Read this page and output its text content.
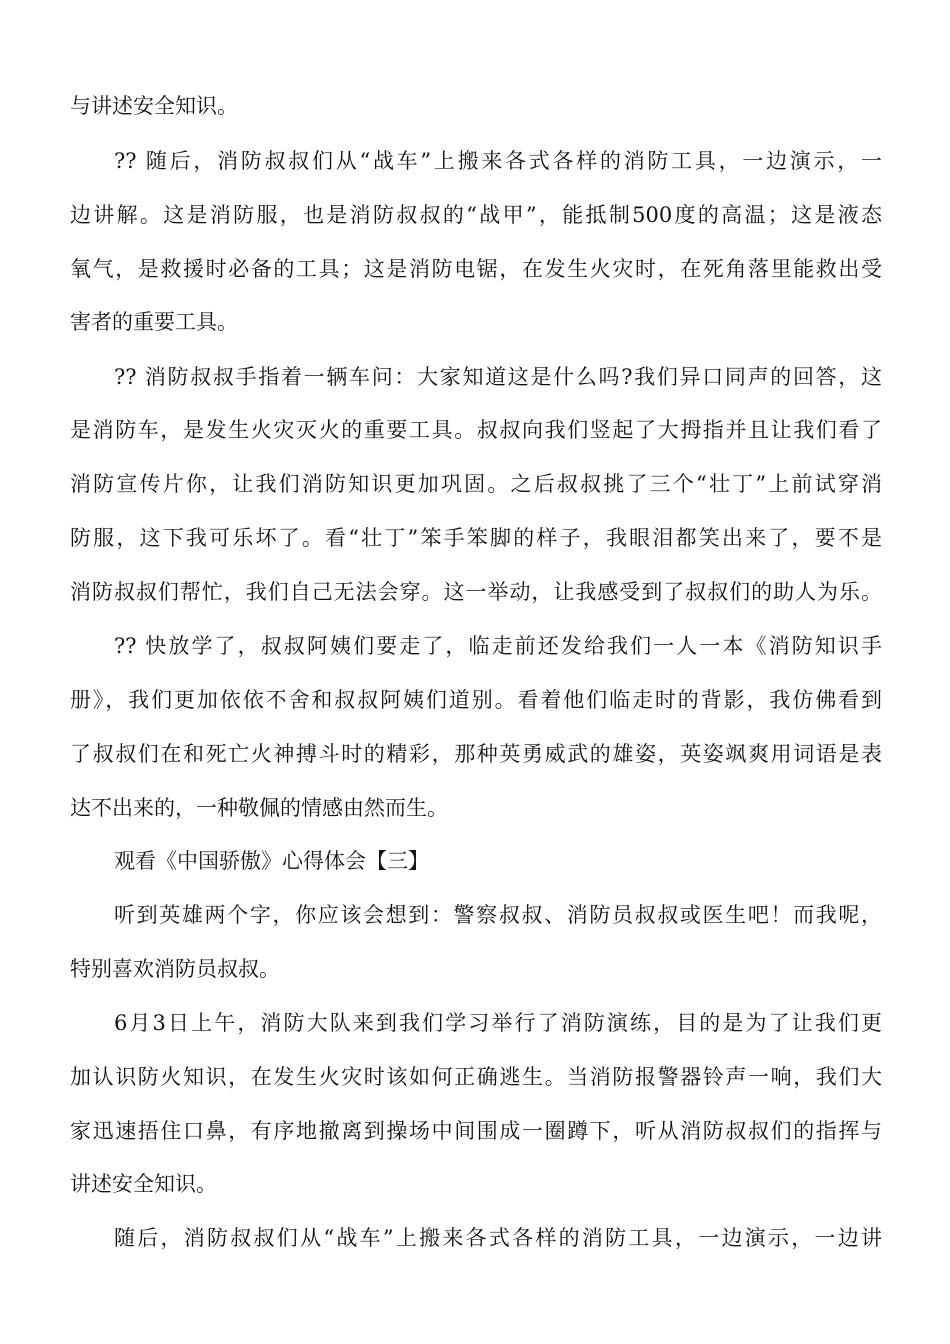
与讲述安全知识。
?? 随后，消防叔叔们从“战车”上搬来各式各样的消防工具，一边演示，一
边讲解。这是消防服，也是消防叔叔的“战甲”，能抵制500度的高温；这是液态
氧气，是救援时必备的工具；这是消防电锯，在发生火灾时，在死角落里能救出受
害者的重要工具。
?? 消防叔叔手指着一辆车问：大家知道这是什么吗?我们异口同声的回答，这
是消防车，是发生火灾灭火的重要工具。叔叔向我们竖起了大拇指并且让我们看了
消防宣传片你，让我们消防知识更加巩固。之后叔叔挑了三个“壮丁”上前试穿消
防服，这下我可乐坏了。看“壮丁”笨手笨脚的样子，我眼泪都笑出来了，要不是
消防叔叔们帮忙，我们自己无法会穿。这一举动，让我感受到了叔叔们的助人为乐。
?? 快放学了，叔叔阿姨们要走了，临走前还发给我们一人一本《消防知识手
册》，我们更加依依不舍和叔叔阿姨们道别。看着他们临走时的背影，我仿佛看到
了叔叔们在和死亡火神搏斗时的精彩，那种英勇威武的雄姿，英姿飒爽用词语是表
达不出来的，一种敬佩的情感由然而生。
观看《中国骄傲》心得体会【三】
听到英雄两个字，你应该会想到：警察叔叔、消防员叔叔或医生吧！而我呢，
特别喜欢消防员叔叔。
6月3日上午，消防大队来到我们学习举行了消防演练，目的是为了让我们更
加认识防火知识，在发生火灾时该如何正确逃生。当消防报警器铃声一响，我们大
家迅速捂住口鼻，有序地撤离到操场中间围成一圈蹲下，听从消防叔叔们的指挥与
讲述安全知识。
随后，消防叔叔们从“战车”上搬来各式各样的消防工具，一边演示，一边讲
